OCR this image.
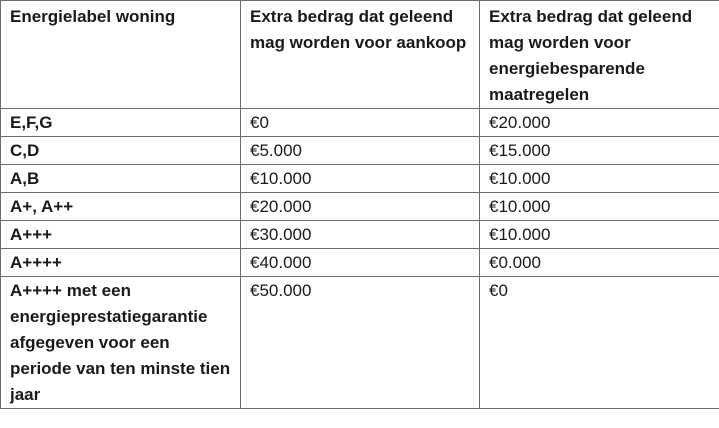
Energielabel woning	Extra bedrag dat geleend mag worden voor aankoop	Extra bedrag dat geleend mag worden voor energiebesparende maatregelen
E,F,G	€0	€20.000
C,D	€5.000	€15.000
A,B	€10.000	€10.000
A+, A++	€20.000	€10.000
A+++	€30.000	€10.000
A++++	€40.000	€0.000
A++++ met een energieprestatiegarantie afgegeven voor een periode van ten minste tien jaar	€50.000	€0
